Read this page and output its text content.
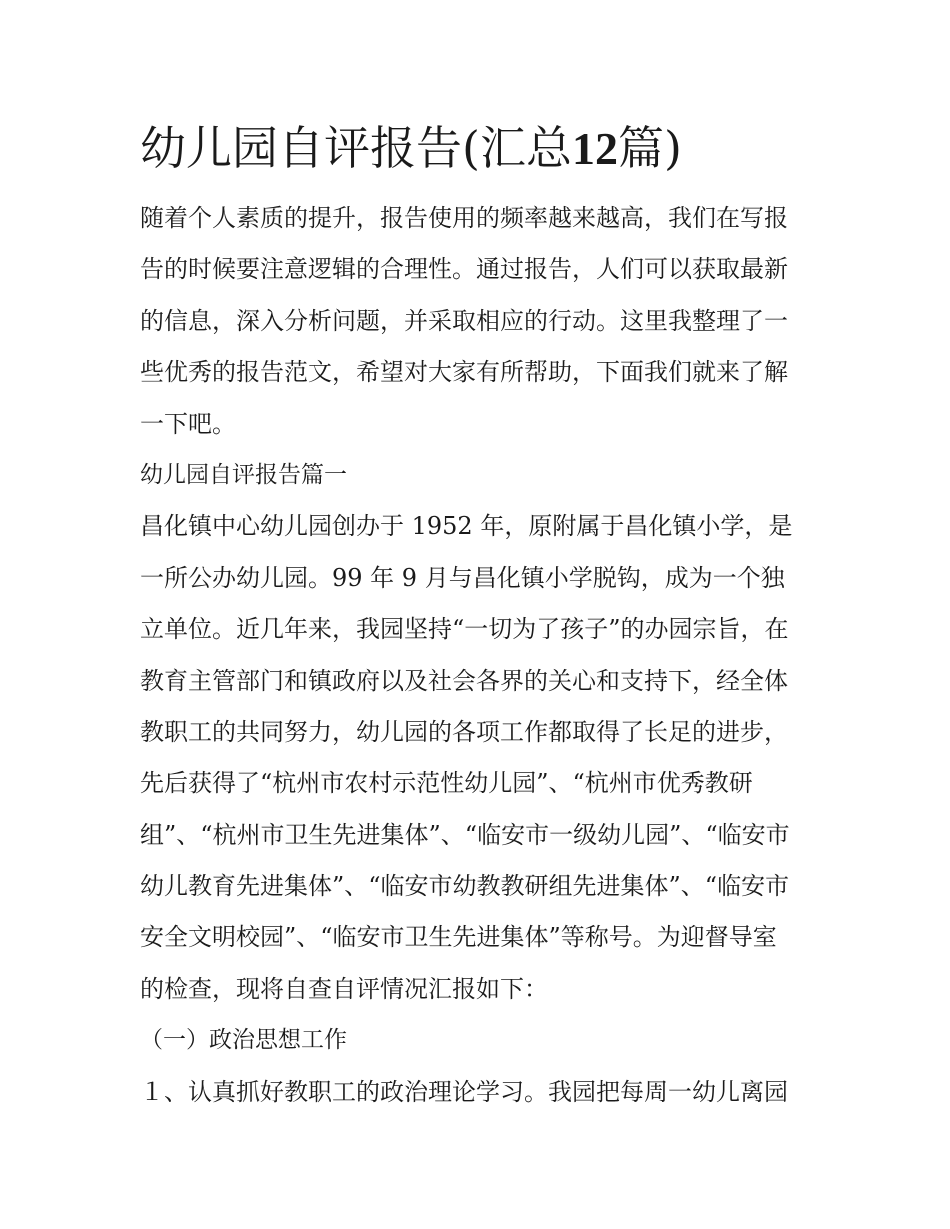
幼儿园自评报告(汇总12篇)
随着个人素质的提升，报告使用的频率越来越高，我们在写报
告的时候要注意逻辑的合理性。通过报告，人们可以获取最新
的信息，深入分析问题，并采取相应的行动。这里我整理了一
些优秀的报告范文，希望对大家有所帮助，下面我们就来了解
一下吧。
幼儿园自评报告篇一
昌化镇中心幼儿园创办于 1952 年，原附属于昌化镇小学，是
一所公办幼儿园。99 年 9 月与昌化镇小学脱钩，成为一个独
立单位。近几年来，我园坚持“一切为了孩子”的办园宗旨，在
教育主管部门和镇政府以及社会各界的关心和支持下，经全体
教职工的共同努力，幼儿园的各项工作都取得了长足的进步，
先后获得了“杭州市农村示范性幼儿园”、“杭州市优秀教研
组”、“杭州市卫生先进集体”、“临安市一级幼儿园”、“临安市
幼儿教育先进集体”、“临安市幼教教研组先进集体”、“临安市
安全文明校园”、“临安市卫生先进集体”等称号。为迎督导室
的检查，现将自查自评情况汇报如下：
（一）政治思想工作
１、认真抓好教职工的政治理论学习。我园把每周一幼儿离园
